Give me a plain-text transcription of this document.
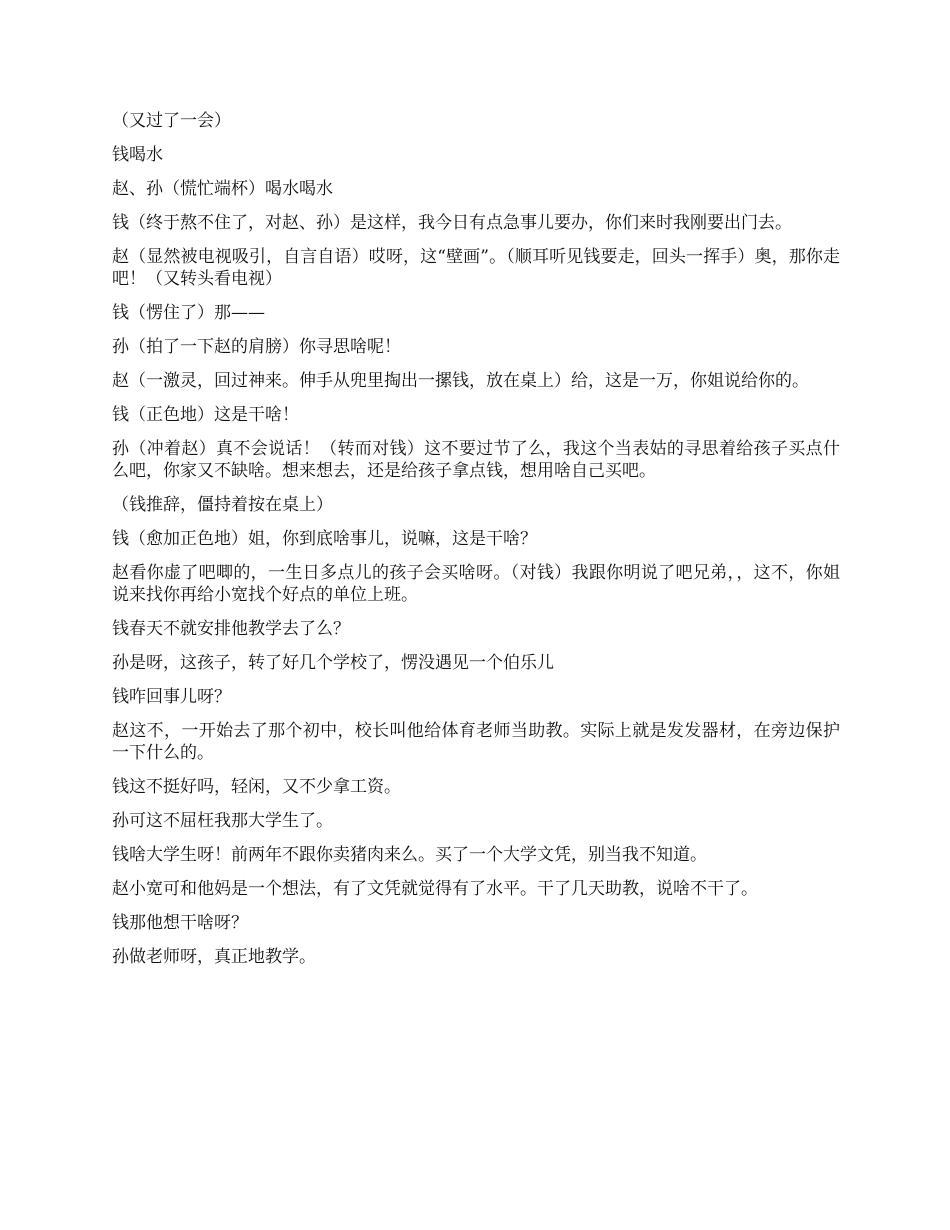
（又过了一会）

钱喝水

赵、孙（慌忙端杯）喝水喝水

钱（终于熬不住了，对赵、孙）是这样，我今日有点急事儿要办，你们来时我刚要出门去。

赵（显然被电视吸引，自言自语）哎呀，这“壁画”。（顺耳听见钱要走，回头一挥手）奥，那你走吧！（又转头看电视）

钱（愣住了）那——

孙（拍了一下赵的肩膀）你寻思啥呢！

赵（一激灵，回过神来。伸手从兜里掏出一摞钱，放在桌上）给，这是一万，你姐说给你的。

钱（正色地）这是干啥！

孙（冲着赵）真不会说话！（转而对钱）这不要过节了么，我这个当表姑的寻思着给孩子买点什么吧，你家又不缺啥。想来想去，还是给孩子拿点钱，想用啥自己买吧。

（钱推辞，僵持着按在桌上）

钱（愈加正色地）姐，你到底啥事儿，说嘛，这是干啥？

赵看你虚了吧唧的，一生日多点儿的孩子会买啥呀。（对钱）我跟你明说了吧兄弟，，这不，你姐说来找你再给小宽找个好点的单位上班。

钱春天不就安排他教学去了么？

孙是呀，这孩子，转了好几个学校了，愣没遇见一个伯乐儿

钱咋回事儿呀？

赵这不，一开始去了那个初中，校长叫他给体育老师当助教。实际上就是发发器材，在旁边保护一下什么的。

钱这不挺好吗，轻闲，又不少拿工资。

孙可这不屈枉我那大学生了。

钱啥大学生呀！前两年不跟你卖猪肉来么。买了一个大学文凭，别当我不知道。

赵小宽可和他妈是一个想法，有了文凭就觉得有了水平。干了几天助教，说啥不干了。

钱那他想干啥呀？

孙做老师呀，真正地教学。
